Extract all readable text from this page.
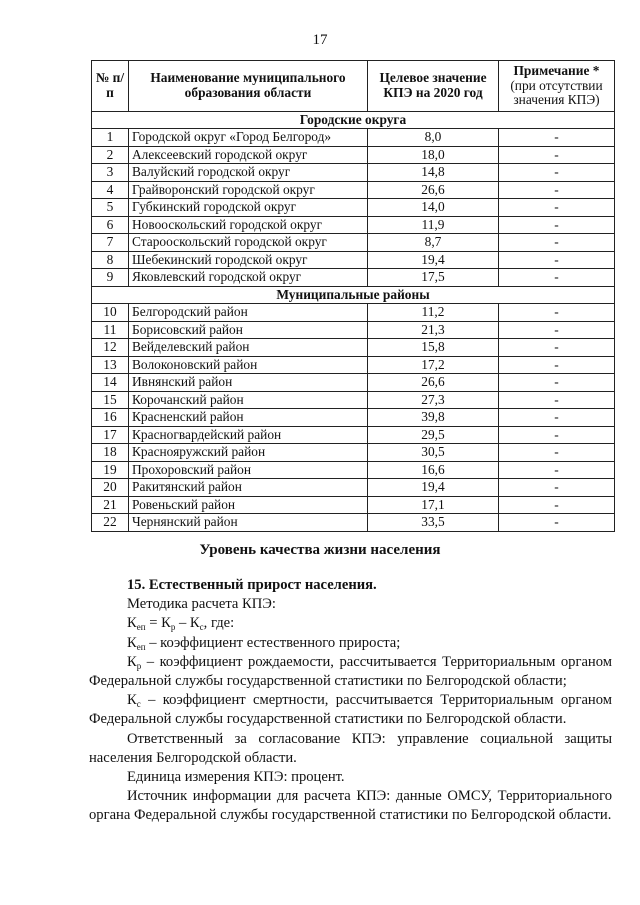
17
№ п/п	Наименование муниципального образования области	Целевое значение КПЭ на 2020 год	Примечание *
(при отсутствии значения КПЭ)
Городские округа			
1	Городской округ «Город Белгород»	8,0	-
2	Алексеевский городской округ	18,0	-
3	Валуйский городской округ	14,8	-
4	Грайворонский городской округ	26,6	-
5	Губкинский городской округ	14,0	-
6	Новооскольский городской округ	11,9	-
7	Старооскольский городской округ	8,7	-
8	Шебекинский городской округ	19,4	-
9	Яковлевский городской округ	17,5	-
Муниципальные районы			
10	Белгородский район	11,2	-
11	Борисовский район	21,3	-
12	Вейделевский район	15,8	-
13	Волоконовский район	17,2	-
14	Ивнянский район	26,6	-
15	Корочанский район	27,3	-
16	Красненский район	39,8	-
17	Красногвардейский район	29,5	-
18	Краснояружский район	30,5	-
19	Прохоровский район	16,6	-
20	Ракитянский район	19,4	-
21	Ровеньский район	17,1	-
22	Чернянский район	33,5	-
Уровень качества жизни населения

15. Естественный прирост населения.

Методика расчета КПЭ:

$К_{еп} = К_р - К_с$, где:

$К_{еп}$ – коэффициент естественного прироста;

$К_р$ – коэффициент рождаемости, рассчитывается Территориальным органом Федеральной службы государственной статистики по Белгородской области;

$К_с$ – коэффициент смертности, рассчитывается Территориальным органом Федеральной службы государственной статистики по Белгородской области.

Ответственный за согласование КПЭ: управление социальной защиты населения Белгородской области.

Единица измерения КПЭ: процент.

Источник информации для расчета КПЭ: данные ОМСУ, Территориального органа Федеральной службы государственной статистики по Белгородской области.
